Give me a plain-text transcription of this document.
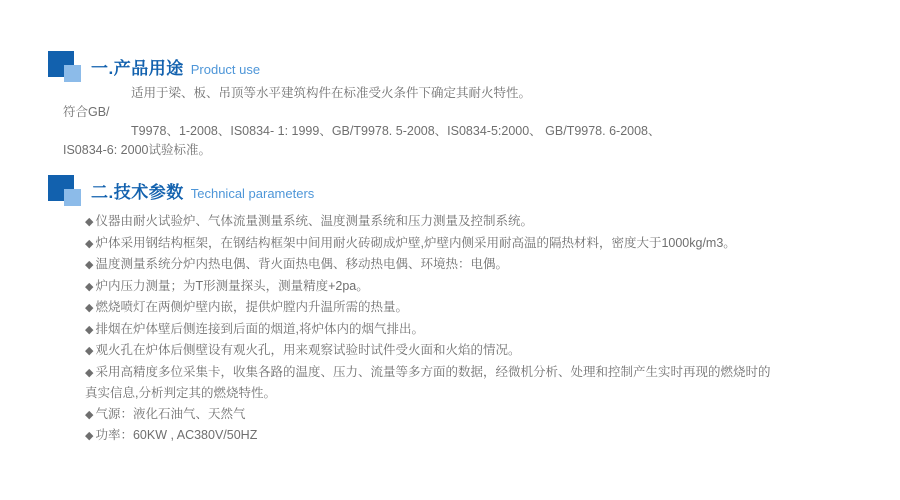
一.产品用途 Product use
适用于梁、板、吊顶等水平建筑构件在标准受火条件下确定其耐火特性。
符合GB/
T9978、1-2008、IS0834- 1: 1999、GB/T9978. 5-2008、IS0834-5:2000、 GB/T9978. 6-2008、
IS0834-6: 2000试验标准。
二.技术参数 Technical parameters

◆ 仪器由耐火试验炉、气体流量测量系统、温度测量系统和压力测量及控制系统。

◆ 炉体采用钢结构框架，在钢结构框架中间用耐火砖砌成炉壁,炉壁内侧采用耐高温的隔热材料，密度大于1000kg/m3。

◆ 温度测量系统分炉内热电偶、背火面热电偶、移动热电偶、环境热：电偶。

◆ 炉内压力测量；为T形测量探头，测量精度+2pa。

◆ 燃烧喷灯在两侧炉壁内嵌，提供炉膛内升温所需的热量。

◆ 排烟在炉体壁后侧连接到后面的烟道,将炉体内的烟气排出。

◆ 观火孔在炉体后侧壁设有观火孔，用来观察试验时试件受火面和火焰的情况。

◆ 采用高精度多位采集卡，收集各路的温度、压力、流量等多方面的数据，经微机分析、处理和控制产生实时再现的燃烧时的真实信息,分析判定其的燃烧特性。

◆ 气源：液化石油气、天然气

◆ 功率：60KW , AC380V/50HZ
